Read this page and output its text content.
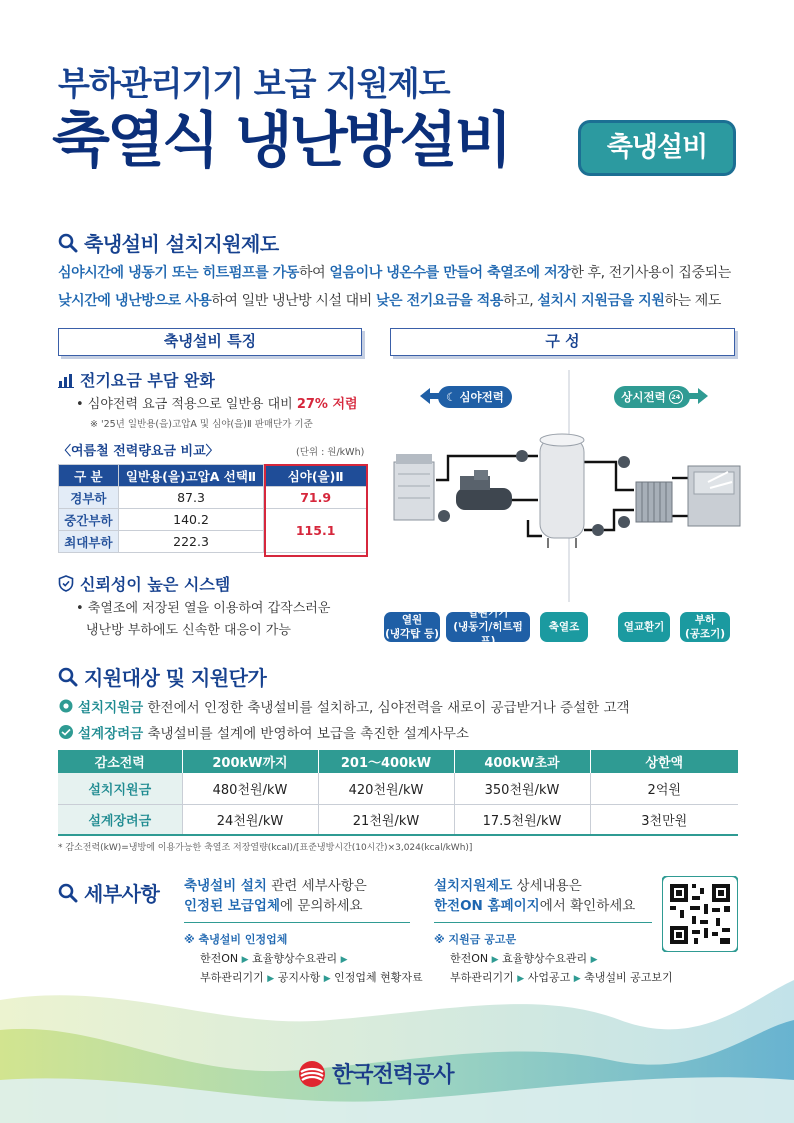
부하관리기기 보급 지원제도
축열식 냉난방설비	축냉설비
축냉설비 설치지원제도
심야시간에 냉동기 또는 히트펌프를 가동하여 얼음이나 냉온수를 만들어 축열조에 저장한 후, 전기사용이 집중되는 낮시간에 냉난방으로 사용하여 일반 냉난방 시설 대비 낮은 전기요금을 적용하고, 설치시 지원금을 지원하는 제도
축냉설비 특징	구 성
전기요금 부담 완화
• 심야전력 요금 적용으로 일반용 대비 27% 저렴
※ '25년 일반용(을)고압A 및 심야(을)Ⅱ 판매단가 기준
〈여름철 전력량요금 비교〉	(단위 : 원/kWh)
구 분	일반용(을)고압A 선택Ⅱ	심야(을)Ⅱ
경부하	87.3	71.9
중간부하	140.2	115.1
최대부하	222.3	
신뢰성이 높은 시스템
• 축열조에 저장된 열을 이용하여 갑작스러운
냉난방 부하에도 신속한 대응이 가능
☾ 심야전력	상시전력 24
열원
(냉각탑 등)
열원기기
(냉동기/히트펌프)
축열조	열교환기
부하
(공조기)
지원대상 및 지원단가
설치지원금 한전에서 인정한 축냉설비를 설치하고, 심야전력을 새로이 공급받거나 증설한 고객
설계장려금 축냉설비를 설계에 반영하여 보급을 촉진한 설계사무소
감소전력	200kW까지	201～400kW	400kW초과	상한액
설치지원금	480천원/kW	420천원/kW	350천원/kW	2억원
설계장려금	24천원/kW	21천원/kW	17.5천원/kW	3천만원
* 감소전력(kW)=냉방에 이용가능한 축열조 저장열량(kcal)/[표준냉방시간(10시간)×3,024(kcal/kWh)]
세부사항 축냉설비 설치 관련 세부사항은
인정된 보급업체에 문의하세요
※ 축냉설비 인정업체
한전ON ▶ 효율향상수요관리 ▶
부하관리기기 ▶ 공지사항 ▶ 인정업체 현황자료
설치지원제도 상세내용은
한전ON 홈페이지에서 확인하세요
※ 지원금 공고문
한전ON ▶ 효율향상수요관리 ▶
부하관리기기 ▶ 사업공고 ▶ 축냉설비 공고보기
한국전력공사
